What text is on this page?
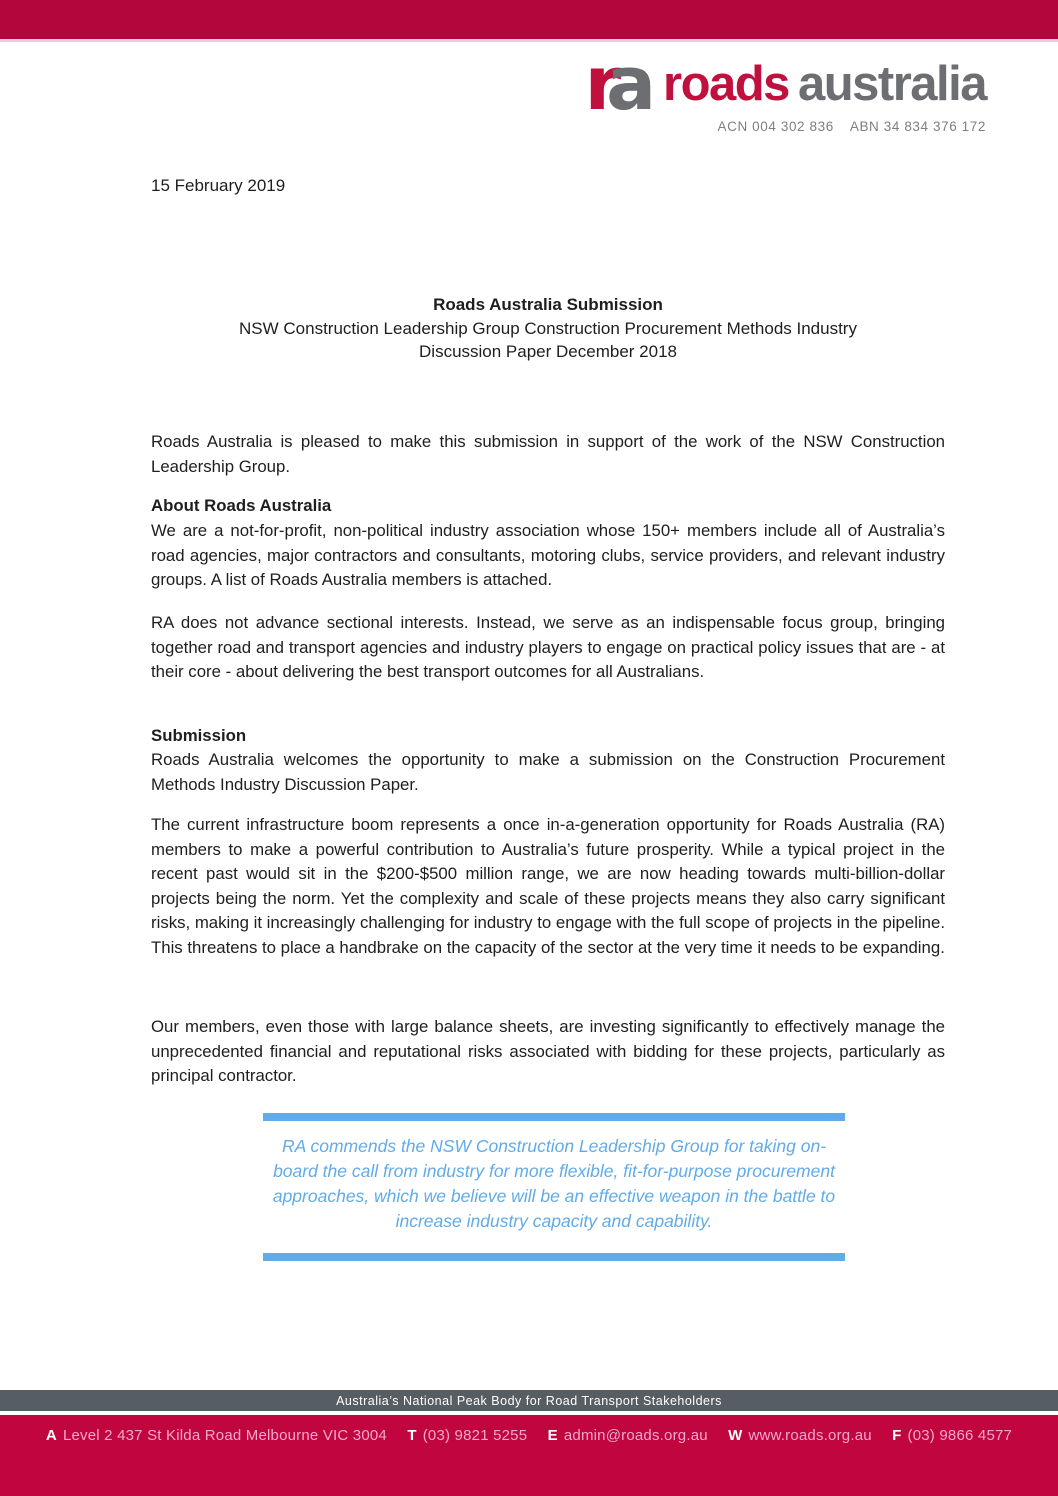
ra roads australia
ACN 004 302 836 ABN 34 834 376 172
15 February 2019
Roads Australia Submission
NSW Construction Leadership Group Construction Procurement Methods Industry
Discussion Paper December 2018

Roads Australia is pleased to make this submission in support of the work of the NSW Construction Leadership Group.

About Roads Australia

We are a not-for-profit, non-political industry association whose 150+ members include all of Australia’s road agencies, major contractors and consultants, motoring clubs, service providers, and relevant industry groups. A list of Roads Australia members is attached.

RA does not advance sectional interests. Instead, we serve as an indispensable focus group, bringing together road and transport agencies and industry players to engage on practical policy issues that are - at their core - about delivering the best transport outcomes for all Australians.

Submission

Roads Australia welcomes the opportunity to make a submission on the Construction Procurement Methods Industry Discussion Paper.

The current infrastructure boom represents a once in-a-generation opportunity for Roads Australia (RA) members to make a powerful contribution to Australia’s future prosperity. While a typical project in the recent past would sit in the $200-$500 million range, we are now heading towards multi-billion-dollar projects being the norm. Yet the complexity and scale of these projects means they also carry significant risks, making it increasingly challenging for industry to engage with the full scope of projects in the pipeline. This threatens to place a handbrake on the capacity of the sector at the very time it needs to be expanding.

Our members, even those with large balance sheets, are investing significantly to effectively manage the unprecedented financial and reputational risks associated with bidding for these projects, particularly as principal contractor.

RA commends the NSW Construction Leadership Group for taking on-board the call from industry for more flexible, fit-for-purpose procurement approaches, which we believe will be an effective weapon in the battle to increase industry capacity and capability.
Australia’s National Peak Body for Road Transport Stakeholders
A Level 2 437 St Kilda Road Melbourne VIC 3004 T (03) 9821 5255 E admin@roads.org.au W www.roads.org.au F (03) 9866 4577
